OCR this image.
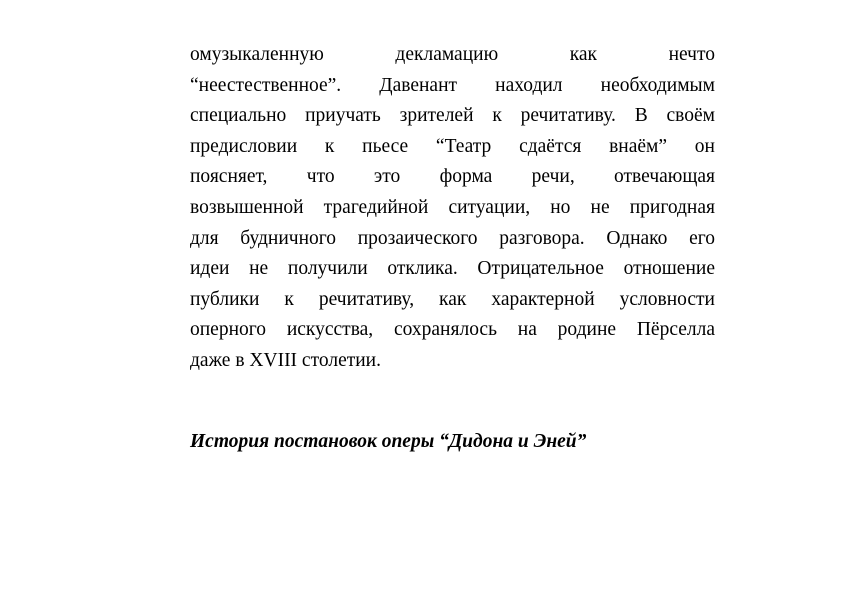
омузыкаленную декламацию как нечто
“неестественное”. Давенант находил необходимым
специально приучать зрителей к речитативу. В своём
предисловии к пьесе “Театр сдаётся внаём” он
поясняет, что это форма речи, отвечающая
возвышенной трагедийной ситуации, но не пригодная
для будничного прозаического разговора. Однако его
идеи не получили отклика. Отрицательное отношение
публики к речитативу, как характерной условности
оперного искусства, сохранялось на родине Пёрселла
даже в XVIII столетии.
История постановок оперы “Дидона и Эней”
